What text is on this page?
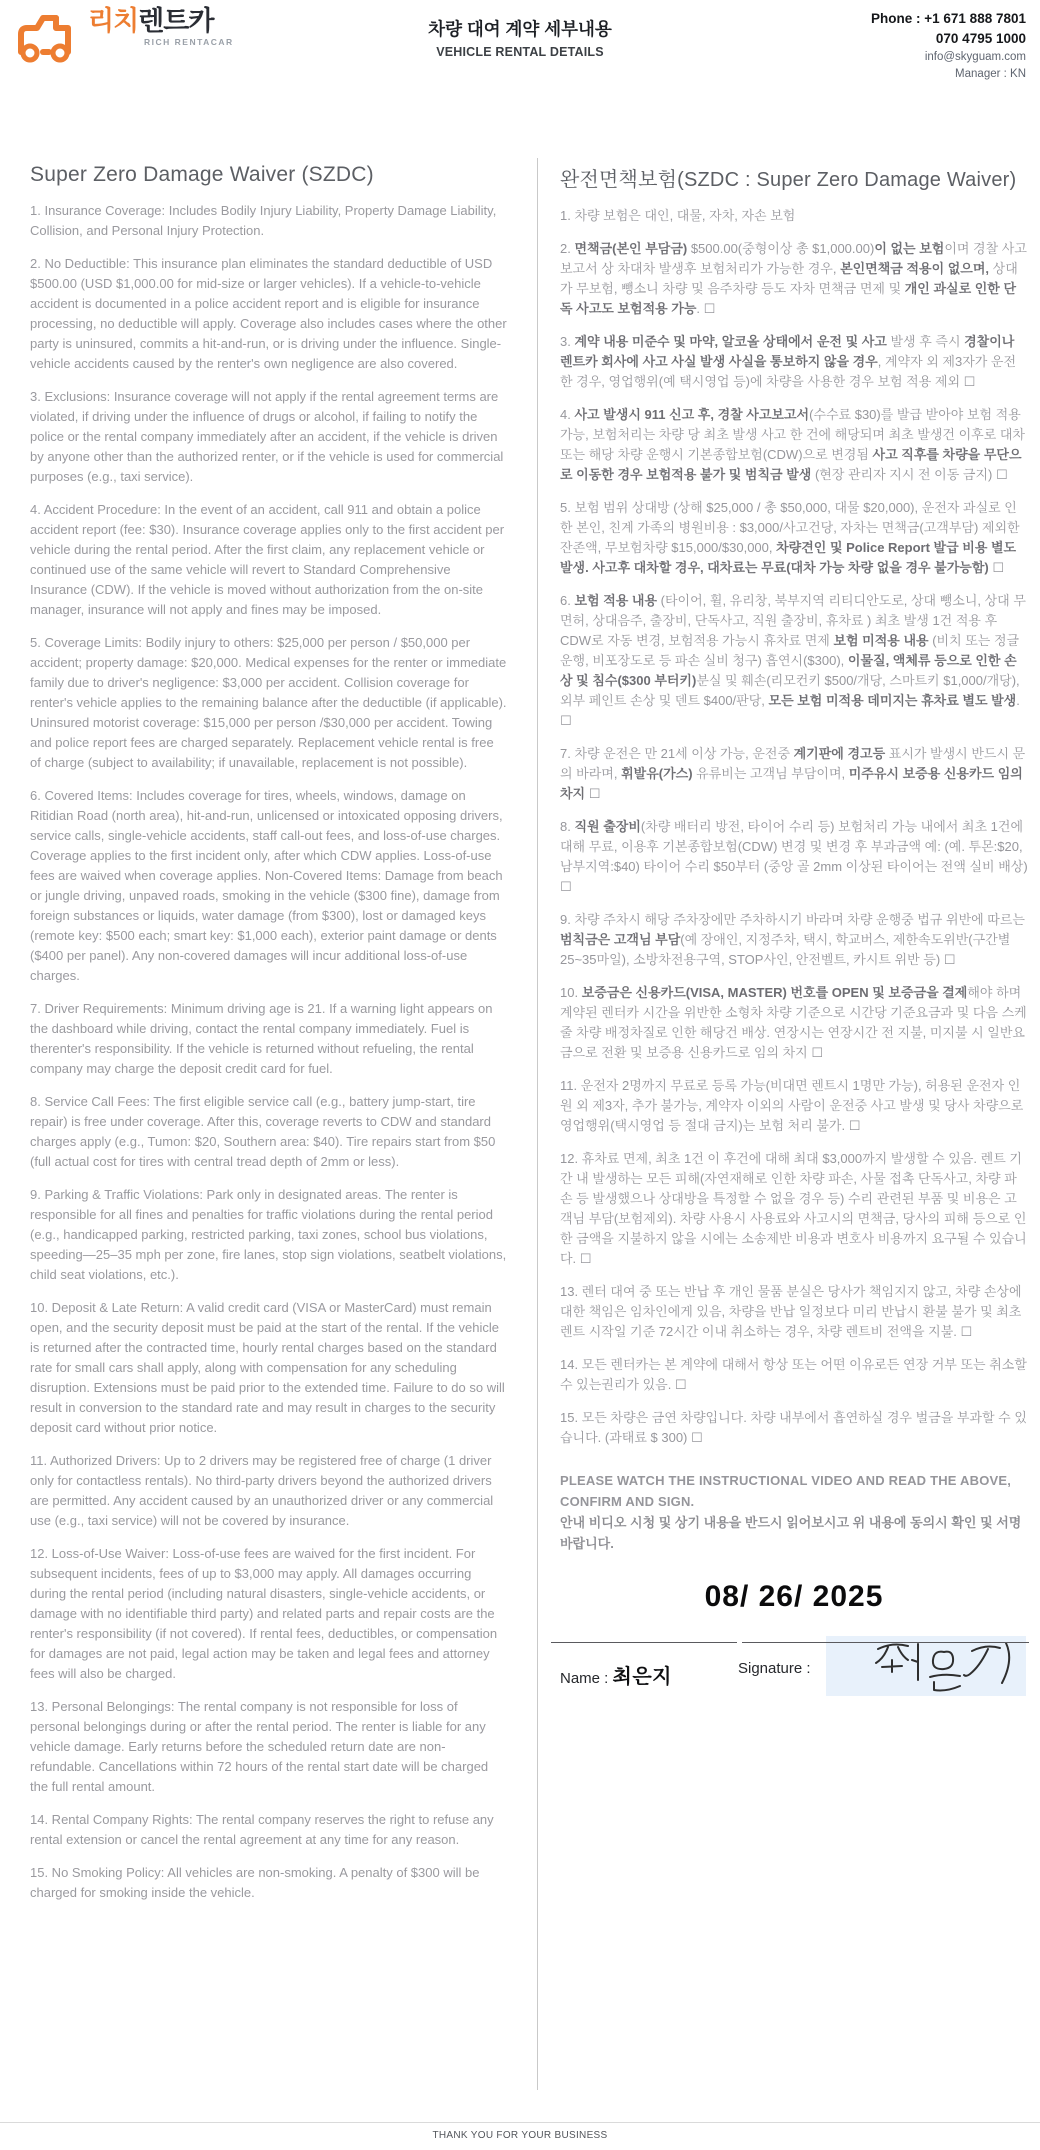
리치렌트카
RICH RENTACAR
차량 대여 계약 세부내용
VEHICLE RENTAL DETAILS
Phone : +1 671 888 7801
070 4795 1000
info@skyguam.com
Manager : KN
Super Zero Damage Waiver (SZDC)

1. Insurance Coverage: Includes Bodily Injury Liability, Property Damage Liability, Collision, and Personal Injury Protection.

2. No Deductible: This insurance plan eliminates the standard deductible of USD $500.00 (USD $1,000.00 for mid-size or larger vehicles). If a vehicle-to-vehicle accident is documented in a police accident report and is eligible for insurance processing, no deductible will apply. Coverage also includes cases where the other party is uninsured, commits a hit-and-run, or is driving under the influence. Single-vehicle accidents caused by the renter's own negligence are also covered.

3. Exclusions: Insurance coverage will not apply if the rental agreement terms are violated, if driving under the influence of drugs or alcohol, if failing to notify the police or the rental company immediately after an accident, if the vehicle is driven by anyone other than the authorized renter, or if the vehicle is used for commercial purposes (e.g., taxi service).

4. Accident Procedure: In the event of an accident, call 911 and obtain a police accident report (fee: $30). Insurance coverage applies only to the first accident per vehicle during the rental period. After the first claim, any replacement vehicle or continued use of the same vehicle will revert to Standard Comprehensive Insurance (CDW). If the vehicle is moved without authorization from the on-site manager, insurance will not apply and fines may be imposed.

5. Coverage Limits: Bodily injury to others: $25,000 per person / $50,000 per accident; property damage: $20,000. Medical expenses for the renter or immediate family due to driver's negligence: $3,000 per accident. Collision coverage for renter's vehicle applies to the remaining balance after the deductible (if applicable). Uninsured motorist coverage: $15,000 per person /$30,000 per accident. Towing and police report fees are charged separately. Replacement vehicle rental is free of charge (subject to availability; if unavailable, replacement is not possible).

6. Covered Items: Includes coverage for tires, wheels, windows, damage on Ritidian Road (north area), hit-and-run, unlicensed or intoxicated opposing drivers, service calls, single-vehicle accidents, staff call-out fees, and loss-of-use charges. Coverage applies to the first incident only, after which CDW applies. Loss-of-use fees are waived when coverage applies. Non-Covered Items: Damage from beach or jungle driving, unpaved roads, smoking in the vehicle ($300 fine), damage from foreign substances or liquids, water damage (from $300), lost or damaged keys (remote key: $500 each; smart key: $1,000 each), exterior paint damage or dents ($400 per panel). Any non-covered damages will incur additional loss-of-use charges.

7. Driver Requirements: Minimum driving age is 21. If a warning light appears on the dashboard while driving, contact the rental company immediately. Fuel is therenter's responsibility. If the vehicle is returned without refueling, the rental company may charge the deposit credit card for fuel.

8. Service Call Fees: The first eligible service call (e.g., battery jump-start, tire repair) is free under coverage. After this, coverage reverts to CDW and standard charges apply (e.g., Tumon: $20, Southern area: $40). Tire repairs start from $50 (full actual cost for tires with central tread depth of 2mm or less).

9. Parking & Traffic Violations: Park only in designated areas. The renter is responsible for all fines and penalties for traffic violations during the rental period (e.g., handicapped parking, restricted parking, taxi zones, school bus violations, speeding—25–35 mph per zone, fire lanes, stop sign violations, seatbelt violations, child seat violations, etc.).

10. Deposit & Late Return: A valid credit card (VISA or MasterCard) must remain open, and the security deposit must be paid at the start of the rental. If the vehicle is returned after the contracted time, hourly rental charges based on the standard rate for small cars shall apply, along with compensation for any scheduling disruption. Extensions must be paid prior to the extended time. Failure to do so will result in conversion to the standard rate and may result in charges to the security deposit card without prior notice.

11. Authorized Drivers: Up to 2 drivers may be registered free of charge (1 driver only for contactless rentals). No third-party drivers beyond the authorized drivers are permitted. Any accident caused by an unauthorized driver or any commercial use (e.g., taxi service) will not be covered by insurance.

12. Loss-of-Use Waiver: Loss-of-use fees are waived for the first incident. For subsequent incidents, fees of up to $3,000 may apply. All damages occurring during the rental period (including natural disasters, single-vehicle accidents, or damage with no identifiable third party) and related parts and repair costs are the renter's responsibility (if not covered). If rental fees, deductibles, or compensation for damages are not paid, legal action may be taken and legal fees and attorney fees will also be charged.

13. Personal Belongings: The rental company is not responsible for loss of personal belongings during or after the rental period. The renter is liable for any vehicle damage. Early returns before the scheduled return date are non-refundable. Cancellations within 72 hours of the rental start date will be charged the full rental amount.

14. Rental Company Rights: The rental company reserves the right to refuse any rental extension or cancel the rental agreement at any time for any reason.

15. No Smoking Policy: All vehicles are non-smoking. A penalty of $300 will be charged for smoking inside the vehicle.

완전면책보험(SZDC : Super Zero Damage Waiver)

1. 차량 보험은 대인, 대물, 자차, 자손 보험

2. 면책금(본인 부담금) $500.00(중형이상 총 $1,000.00)이 없는 보험이며 경찰 사고보고서 상 차대차 발생후 보험처리가 가능한 경우, 본인면책금 적용이 없으며, 상대가 무보험, 뺑소니 차량 및 음주차량 등도 자차 면책금 면제 및 개인 과실로 인한 단독 사고도 보험적용 가능. ☐

3. 계약 내용 미준수 및 마약, 알코올 상태에서 운전 및 사고 발생 후 즉시 경찰이나 렌트카 회사에 사고 사실 발생 사실을 통보하지 않을 경우, 계약자 외 제3자가 운전한 경우, 영업행위(예 택시영업 등)에 차량을 사용한 경우 보험 적용 제외 ☐

4. 사고 발생시 911 신고 후, 경찰 사고보고서(수수료 $30)를 발급 받아야 보험 적용 가능, 보험처리는 차량 당 최초 발생 사고 한 건에 해당되며 최초 발생건 이후로 대차 또는 해당 차량 운행시 기본종합보험(CDW)으로 변경됨 사고 직후를 차량을 무단으로 이동한 경우 보험적용 불가 및 범칙금 발생 (현장 관리자 지시 전 이동 금지) ☐

5. 보험 범위 상대방 (상해 $25,000 / 총 $50,000, 대물 $20,000), 운전자 과실로 인한 본인, 친계 가족의 병원비용 : $3,000/사고건당, 자차는 면책금(고객부담) 제외한 잔존액, 무보험차량 $15,000/$30,000, 차량견인 및 Police Report 발급 비용 별도 발생. 사고후 대차할 경우, 대차료는 무료(대차 가능 차량 없을 경우 불가능함) ☐

6. 보험 적용 내용 (타이어, 휠, 유리창, 북부지역 리티디안도로, 상대 뺑소니, 상대 무면허, 상대음주, 출장비, 단독사고, 직원 출장비, 휴차료 ) 최초 발생 1건 적용 후 CDW로 자동 변경, 보험적용 가능시 휴차료 면제 보험 미적용 내용 (비치 또는 정글 운행, 비포장도로 등 파손 실비 청구) 흡연시($300), 이물질, 액체류 등으로 인한 손상 및 침수($300 부터키)분실 및 훼손(리모컨키 $500/개당, 스마트키 $1,000/개당), 외부 페인트 손상 및 덴트 $400/판당, 모든 보험 미적용 데미지는 휴차료 별도 발생. ☐

7. 차량 운전은 만 21세 이상 가능, 운전중 계기판에 경고등 표시가 발생시 반드시 문의 바라며, 휘발유(가스) 유류비는 고객님 부담이며, 미주유시 보증용 신용카드 임의 차지 ☐

8. 직원 출장비(차량 배터리 방전, 타이어 수리 등) 보험처리 가능 내에서 최초 1건에 대해 무료, 이용후 기본종합보험(CDW) 변경 및 변경 후 부과금액 예: (예. 투몬:$20, 남부지역:$40) 타이어 수리 $50부터 (중앙 골 2mm 이상된 타이어는 전액 실비 배상) ☐

9. 차량 주차시 해당 주차장에만 주차하시기 바라며 차량 운행중 법규 위반에 따르는 범칙금은 고객님 부담(예 장애인, 지정주차, 택시, 학교버스, 제한속도위반(구간별 25~35마일), 소방차전용구역, STOP사인, 안전벨트, 카시트 위반 등) ☐

10. 보증금은 신용카드(VISA, MASTER) 번호를 OPEN 및 보증금을 결제해야 하며 계약된 렌터카 시간을 위반한 소형차 차량 기준으로 시간당 기준요금과 및 다음 스케줄 차량 배정차질로 인한 해당건 배상. 연장시는 연장시간 전 지불, 미지불 시 일반요금으로 전환 및 보증용 신용카드로 임의 차지 ☐

11. 운전자 2명까지 무료로 등록 가능(비대면 렌트시 1명만 가능), 허용된 운전자 인원 외 제3자, 추가 불가능, 계약자 이외의 사람이 운전중 사고 발생 및 당사 차량으로 영업행위(택시영업 등 절대 금지)는 보험 처리 불가. ☐

12. 휴차료 면제, 최초 1건 이 후건에 대해 최대 $3,000까지 발생할 수 있음. 렌트 기간 내 발생하는 모든 피해(자연재해로 인한 차량 파손, 사물 접촉 단독사고, 차량 파손 등 발생했으나 상대방을 특정할 수 없을 경우 등) 수리 관련된 부품 및 비용은 고객님 부담(보험제외). 차량 사용시 사용료와 사고시의 면책금, 당사의 피해 등으로 인한 금액을 지불하지 않을 시에는 소송제반 비용과 변호사 비용까지 요구될 수 있습니다. ☐

13. 렌터 대여 중 또는 반납 후 개인 물품 분실은 당사가 책임지지 않고, 차량 손상에 대한 책임은 임차인에게 있음, 차량을 반납 일정보다 미리 반납시 환불 불가 및 최초 렌트 시작일 기준 72시간 이내 취소하는 경우, 차량 렌트비 전액을 지불. ☐

14. 모든 렌터카는 본 계약에 대해서 항상 또는 어떤 이유로든 연장 거부 또는 취소할 수 있는권리가 있음. ☐

15. 모든 차량은 금연 차량입니다. 차량 내부에서 흡연하실 경우 벌금을 부과할 수 있습니다. (과태료 $ 300) ☐

PLEASE WATCH THE INSTRUCTIONAL VIDEO AND READ THE ABOVE,
CONFIRM AND SIGN.
안내 비디오 시청 및 상기 내용을 반드시 읽어보시고 위 내용에 동의시 확인 및 서명 바랍니다.
08/ 26/ 2025
Name : 최은지	Signature :
THANK YOU FOR YOUR BUSINESS
